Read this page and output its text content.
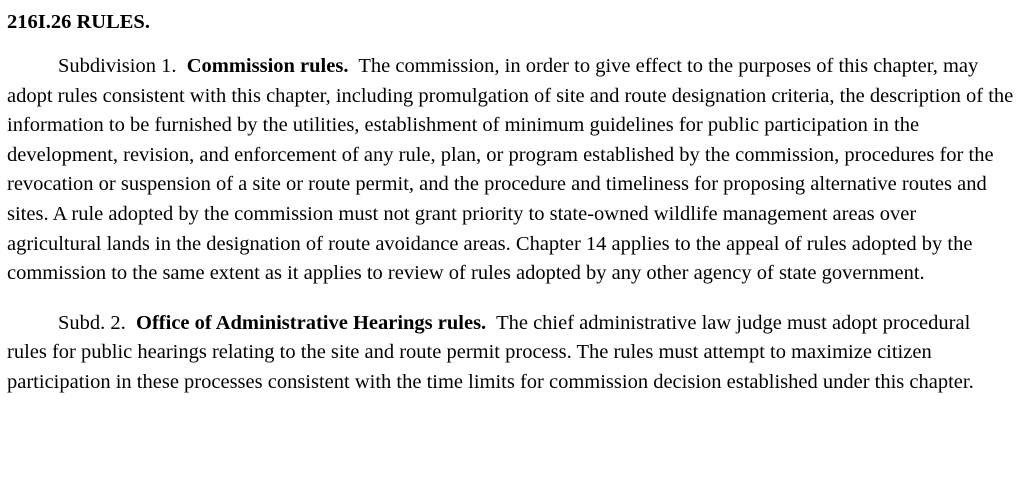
216I.26 RULES.

Subdivision 1. Commission rules. The commission, in order to give effect to the purposes of this chapter, may adopt rules consistent with this chapter, including promulgation of site and route designation criteria, the description of the information to be furnished by the utilities, establishment of minimum guidelines for public participation in the development, revision, and enforcement of any rule, plan, or program established by the commission, procedures for the revocation or suspension of a site or route permit, and the procedure and timeliness for proposing alternative routes and sites. A rule adopted by the commission must not grant priority to state-owned wildlife management areas over agricultural lands in the designation of route avoidance areas. Chapter 14 applies to the appeal of rules adopted by the commission to the same extent as it applies to review of rules adopted by any other agency of state government.

Subd. 2. Office of Administrative Hearings rules. The chief administrative law judge must adopt procedural rules for public hearings relating to the site and route permit process. The rules must attempt to maximize citizen participation in these processes consistent with the time limits for commission decision established under this chapter.
